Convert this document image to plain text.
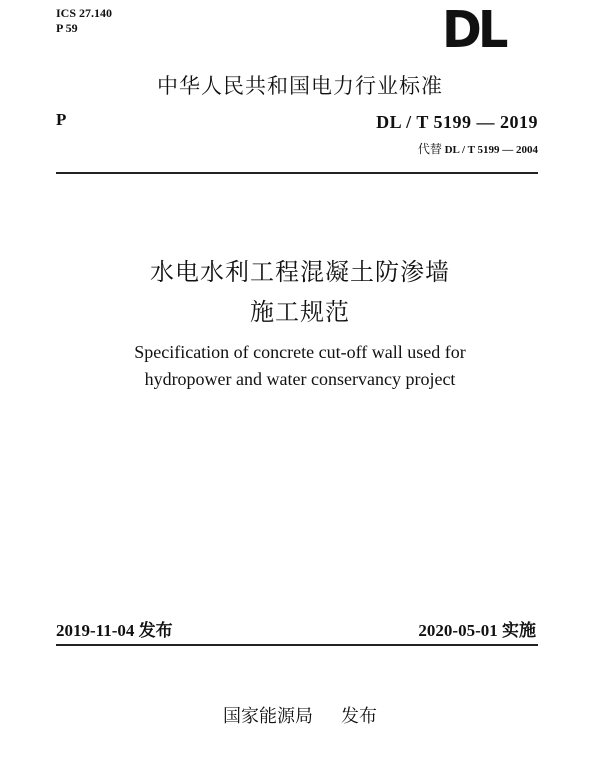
ICS 27.140
P 59	DL
中华人民共和国电力行业标准
P	DL / T 5199 — 2019
代替 DL / T 5199 — 2004
水电水利工程混凝土防渗墙
施工规范
Specification of concrete cut-off wall used for
hydropower and water conservancy project
2019-11-04 发布	2020-05-01 实施
国家能源局 发布
